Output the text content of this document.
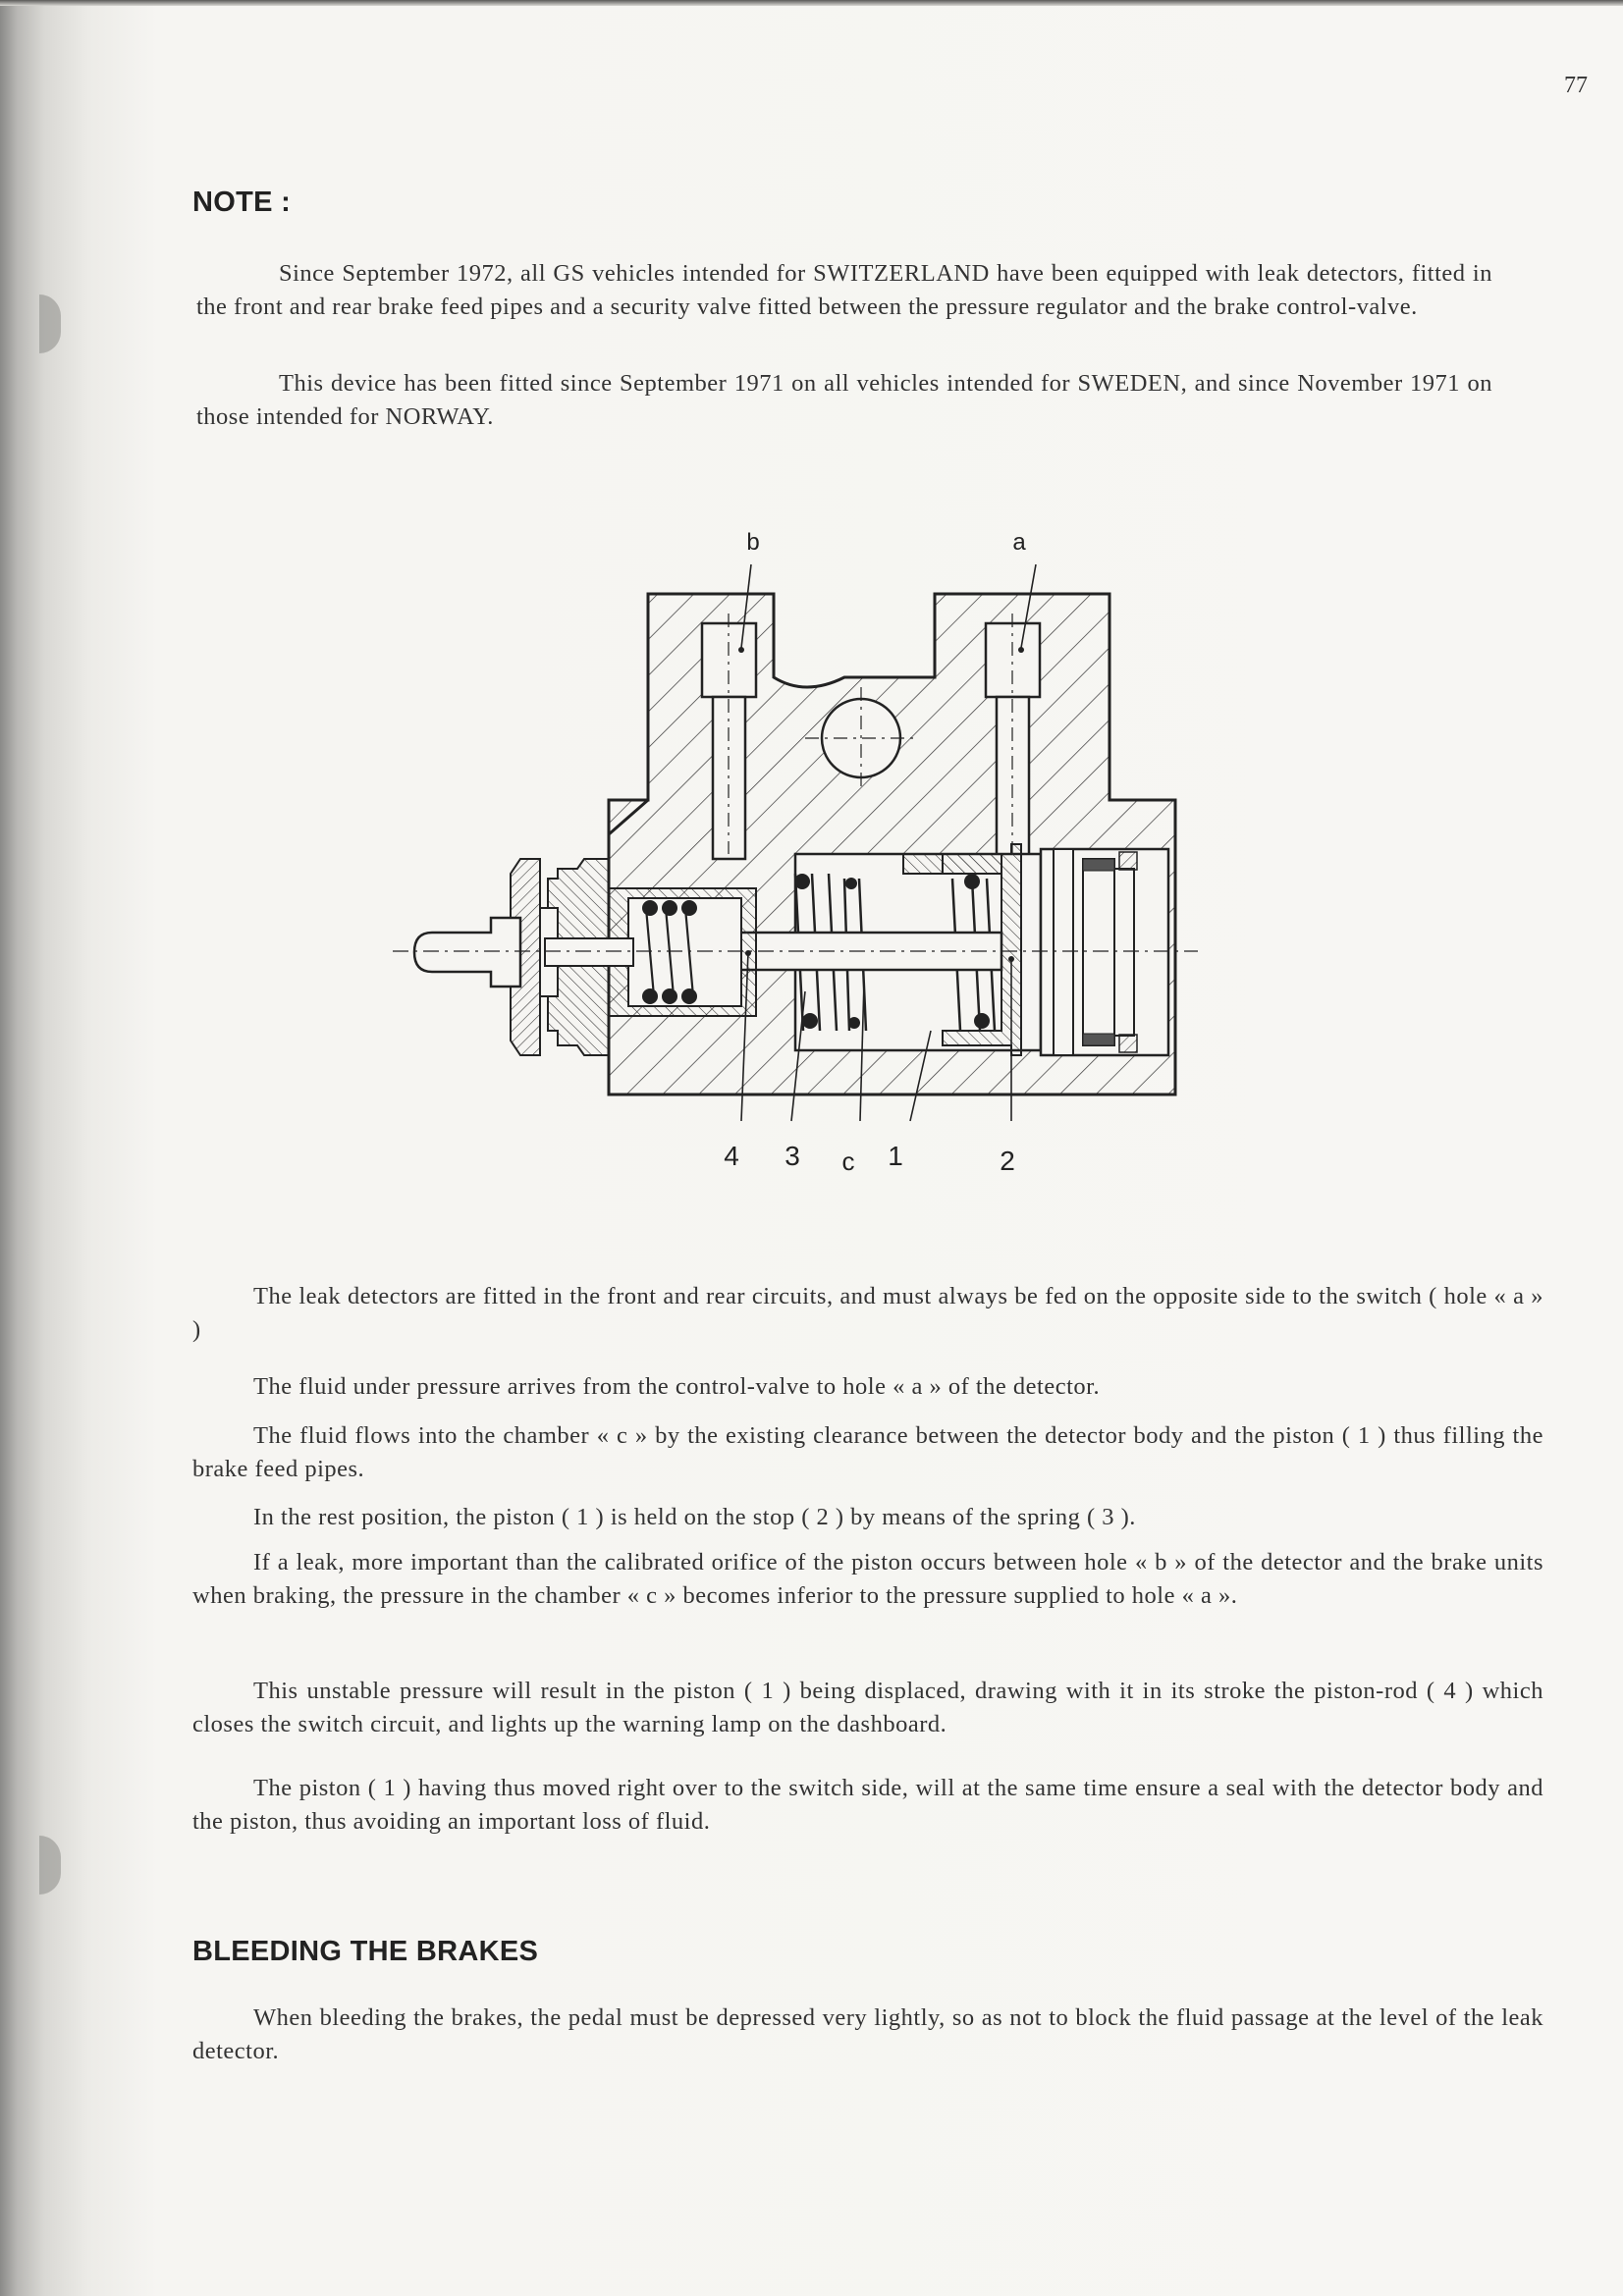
77
NOTE :

Since September 1972, all GS vehicles intended for SWITZERLAND have been equipped with leak detectors, fitted in the front and rear brake feed pipes and a security valve fitted between the pressure regulator and the brake control-valve.

This device has been fitted since September 1971 on all vehicles intended for SWEDEN, and since November 1971 on those intended for NORWAY.

b	a
4 3 c 1	2

The leak detectors are fitted in the front and rear circuits, and must always be fed on the opposite side to the switch ( hole « a » )

The fluid under pressure arrives from the control-valve to hole « a » of the detector.

The fluid flows into the chamber « c » by the existing clearance between the detector body and the piston ( 1 ) thus filling the brake feed pipes.

In the rest position, the piston ( 1 ) is held on the stop ( 2 ) by means of the spring ( 3 ).

If a leak, more important than the calibrated orifice of the piston occurs between hole « b » of the detector and the brake units when braking, the pressure in the chamber « c » becomes inferior to the pressure supplied to hole « a ».

This unstable pressure will result in the piston ( 1 ) being displaced, drawing with it in its stroke the piston-rod ( 4 ) which closes the switch circuit, and lights up the warning lamp on the dashboard.

The piston ( 1 ) having thus moved right over to the switch side, will at the same time ensure a seal with the detector body and the piston, thus avoiding an important loss of fluid.

BLEEDING THE BRAKES

When bleeding the brakes, the pedal must be depressed very lightly, so as not to block the fluid passage at the level of the leak detector.
